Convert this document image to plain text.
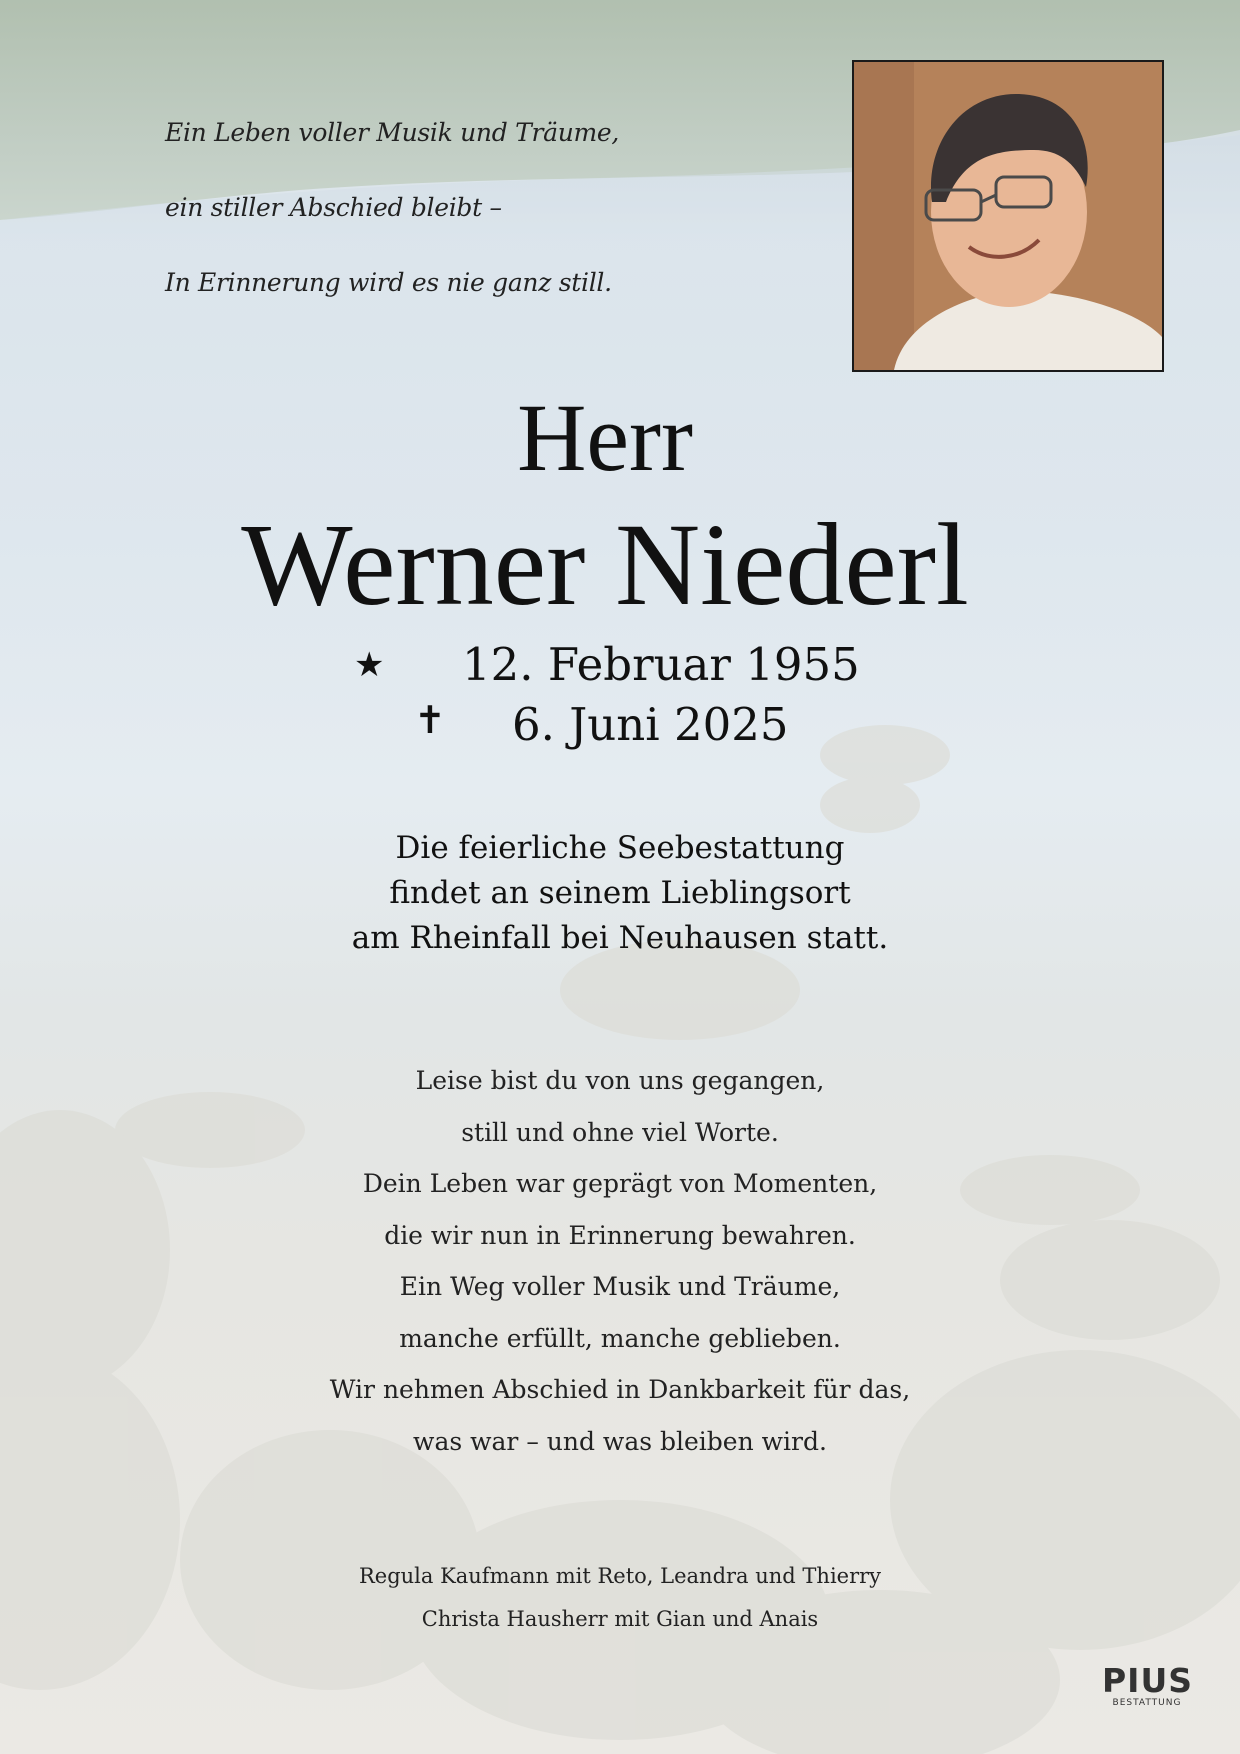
Ein Leben voller Musik und Träume,
ein stiller Abschied bleibt –
In Erinnerung wird es nie ganz still.
Herr
Werner Niederl
★ 12. Februar 1955
✝ 6. Juni 2025
Die feierliche Seebestattung
findet an seinem Lieblingsort
am Rheinfall bei Neuhausen statt.
Leise bist du von uns gegangen,
still und ohne viel Worte.
Dein Leben war geprägt von Momenten,
die wir nun in Erinnerung bewahren.
Ein Weg voller Musik und Träume,
manche erfüllt, manche geblieben.
Wir nehmen Abschied in Dankbarkeit für das,
was war – und was bleiben wird.
Regula Kaufmann mit Reto, Leandra und Thierry
Christa Hausherr mit Gian und Anais
PIUS
BESTATTUNG
